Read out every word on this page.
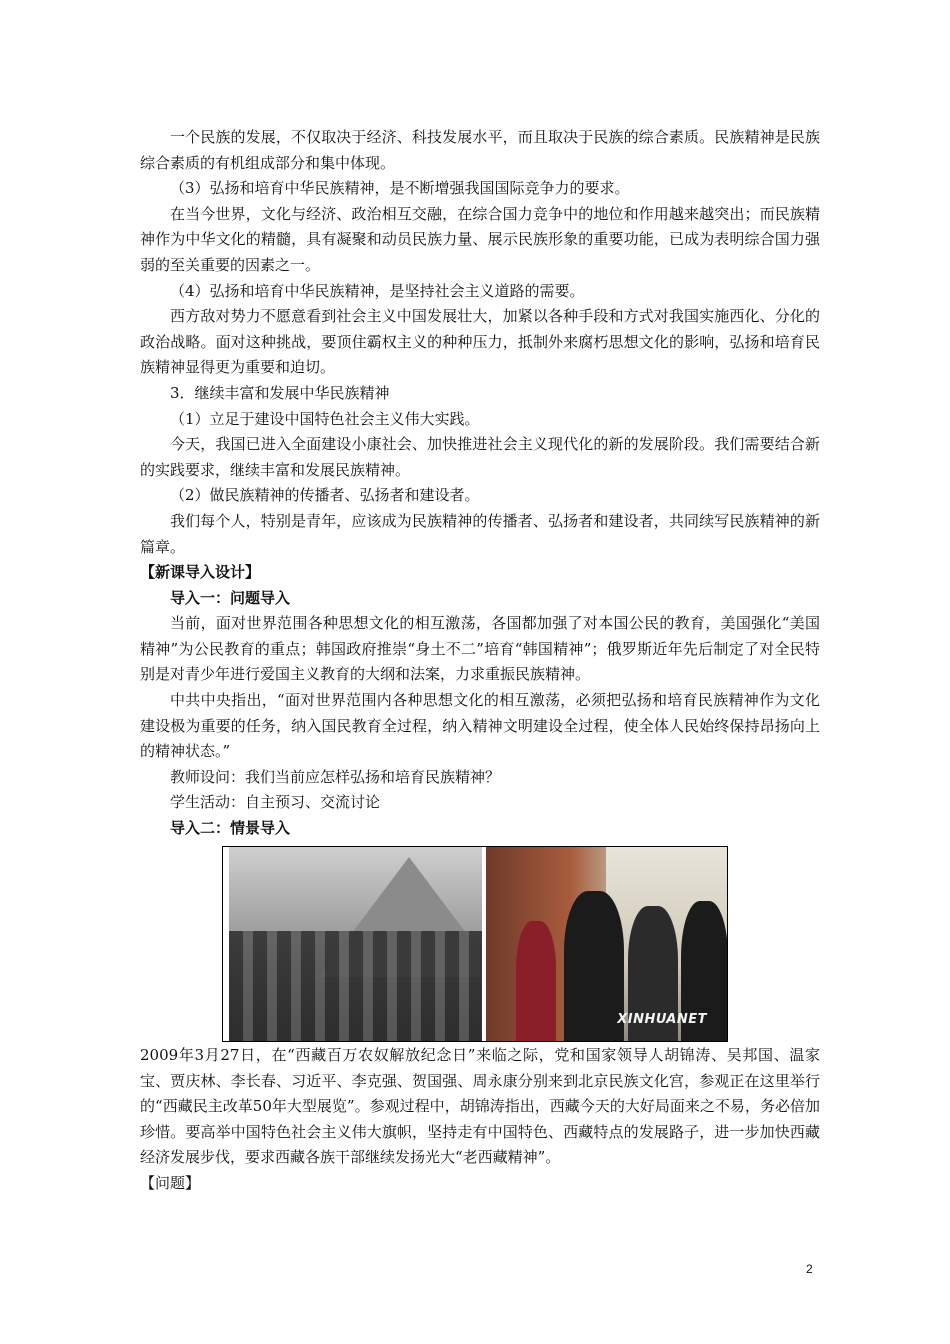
一个民族的发展，不仅取决于经济、科技发展水平，而且取决于民族的综合素质。民族精神是民族综合素质的有机组成部分和集中体现。

（3）弘扬和培育中华民族精神，是不断增强我国国际竞争力的要求。

在当今世界，文化与经济、政治相互交融，在综合国力竞争中的地位和作用越来越突出；而民族精神作为中华文化的精髓，具有凝聚和动员民族力量、展示民族形象的重要功能，已成为表明综合国力强弱的至关重要的因素之一。

（4）弘扬和培育中华民族精神，是坚持社会主义道路的需要。

西方敌对势力不愿意看到社会主义中国发展壮大，加紧以各种手段和方式对我国实施西化、分化的政治战略。面对这种挑战，要顶住霸权主义的种种压力，抵制外来腐朽思想文化的影响，弘扬和培育民族精神显得更为重要和迫切。

3．继续丰富和发展中华民族精神

（1）立足于建设中国特色社会主义伟大实践。

今天，我国已进入全面建设小康社会、加快推进社会主义现代化的新的发展阶段。我们需要结合新的实践要求，继续丰富和发展民族精神。

（2）做民族精神的传播者、弘扬者和建设者。

我们每个人，特别是青年，应该成为民族精神的传播者、弘扬者和建设者，共同续写民族精神的新篇章。

【新课导入设计】

导入一：问题导入

当前，面对世界范围各种思想文化的相互激荡，各国都加强了对本国公民的教育，美国强化“美国精神”为公民教育的重点；韩国政府推崇“身土不二”培育“韩国精神”；俄罗斯近年先后制定了对全民特别是对青少年进行爱国主义教育的大纲和法案，力求重振民族精神。

中共中央指出，“面对世界范围内各种思想文化的相互激荡，必须把弘扬和培育民族精神作为文化建设极为重要的任务，纳入国民教育全过程，纳入精神文明建设全过程，使全体人民始终保持昂扬向上的精神状态。”

教师设问：我们当前应怎样弘扬和培育民族精神？

学生活动：自主预习、交流讨论

导入二：情景导入

XINHUANET

2009年3月27日，在“西藏百万农奴解放纪念日”来临之际，党和国家领导人胡锦涛、吴邦国、温家宝、贾庆林、李长春、习近平、李克强、贺国强、周永康分别来到北京民族文化宫，参观正在这里举行的“西藏民主改革50年大型展览”。参观过程中，胡锦涛指出，西藏今天的大好局面来之不易，务必倍加珍惜。要高举中国特色社会主义伟大旗帜，坚持走有中国特色、西藏特点的发展路子，进一步加快西藏经济发展步伐，要求西藏各族干部继续发扬光大“老西藏精神”。

【问题】

2
